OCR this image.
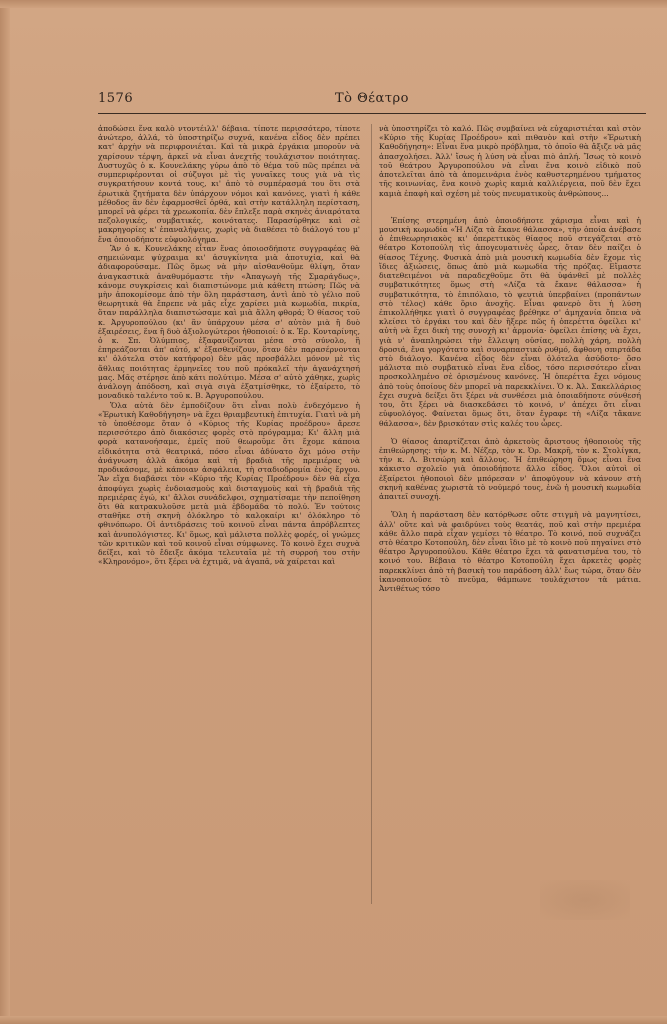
Τὸ Θέατρο
1576

ἀποδώσει ἕνα καλὸ ντοντέιλλ' δέβαια. τίποτε περισσότερο, τίποτε ἀνώτερο, ἀλλά, τὸ ὑποστηρίζω συχνά, κανένα εἶδος δὲν πρέπει κατ' ἀρχὴν νὰ περιφρονιέται. Καὶ τὰ μικρὰ ἐργάκια μποροῦν νὰ χαρίσουν τέρψη, ἀρκεῖ νὰ εἶναι ἀνεχτῆς τουλάχιστον ποιότητας. Δυστυχῶς ὁ κ. Κουνελάκης γύρω ἀπὸ τὸ θέμα τοῦ πῶς πρέπει νὰ συμπεριφέρονται οἱ σύζυγοι μὲ τὶς γυναῖκες τους γιὰ νὰ τὶς συγκρατήσουν κοντά τους, κι' ἀπὸ τὸ συμπέρασμά του ὅτι στὰ ἐρωτικὰ ζητήματα δὲν ὑπάρχουν νόμοι καὶ κανόνες, γιατὶ ἡ κάθε μέθοδος ἂν δὲν ἐφαρμοσθεῖ ὀρθά, καὶ στὴν κατάλληλη περίσταση, μπορεῖ νὰ φέρει τὰ χρεωκοπία. δὲν ἔπλεξε παρὰ σκηνὲς ἀνιαρότατα πεζολογικές, συμβατικές, κοινότατες. Παρασύρθηκε καὶ σὲ μακρηγορίες κ' ἐπαναλήψεις, χωρὶς νὰ διαθέσει τὸ διάλογό του μ' ἕνα ὁποιοδήποτε εὐφυολόγημα.

Ἂν ὁ κ. Κουνελάκης εἶταν ἕνας ὁποιοσδήποτε συγγραφέας θὰ σημειώναμε ψύχραιμα κι' ἀσυγκίνητα μιὰ ἀποτυχία, καὶ θὰ ἀδιαφορούσαμε. Πῶς ὅμως νὰ μὴν αἰσθανθοῦμε θλίψη, ὅταν ἀναγκαστικὰ ἀναθυμόμαστε τὴν «Ἀπαγωγὴ τῆς Σμαράγδως», κάνομε συγκρίσεις καὶ διαπιστώνομε μιὰ κάθετη πτώση; Πῶς νὰ μὴν ἀποκομίσομε ἀπὸ τὴν ὅλη παράσταση, ἀντὶ ἀπὸ τὸ γέλιο ποῦ θεωρητικὰ θὰ ἔπρεπε νὰ μᾶς εἶχε χαρίσει μιὰ κωμωδία, πικρία, ὅταν παράλληλα διαπιστώσαμε καὶ μιὰ ἄλλη φθορά; Ὁ θίασος τοῦ κ. Ἀργυροπούλου (κι' ἂν ὑπάρχουν μέσα σ' αὐτὸν μιὰ ἢ δυὸ ἐξαιρέσεις, ἕνα ἢ δυὸ ἀξιολογώτεροι ἠθοποιοί: ὁ κ. Ἐρ. Κονταρίνης, ὁ κ. Σπ. Ὀλύμπιος, ἐξαφανίζονται μέσα στὸ σύνολο, ἢ ἐπηρεάζονται ἀπ' αὐτό, κ' ἐξασθενίζουν, ὅταν δὲν παρασέρνονται κι' ὁλότελα στὸν κατήφορο) δὲν μᾶς προσβάλλει μόνον μὲ τὶς ἄθλιας ποιότητας ἑρμηνεῖες του ποῦ πρόκαλεῖ τὴν ἀγανάχτησή μας. Μᾶς στέρησε ἀπὸ κάτι πολύτιμο. Μέσα σ' αὐτὸ χάθηκε, χωρὶς ἀνάλογη ἀπόδοση, καὶ σιγὰ σιγὰ ἐξατμίσθηκε, τὸ ἐξαίρετο, τὸ μοναδικὸ ταλέντο τοῦ κ. Β. Ἀργυροπούλου.

Ὅλα αὐτὰ δὲν ἐμποδίζουν ὅτι εἶναι πολὺ ἐνδεχόμενο ἡ «Ἐρωτικὴ Καθοδήγηση» νὰ ἔχει θριαμβευτικὴ ἐπιτυχία. Γιατὶ νὰ μὴ τὸ ὑποθέσομε ὅταν ὁ «Κύριος τῆς Κυρίας προέδρου» ἄρεσε περισσότερο ἀπὸ διακόσιες φορὲς στὸ πρόγραμμα; Κι' ἄλλη μιὰ φορὰ κατανοήσαμε, ἐμεῖς ποῦ θεωροῦμε ὅτι ἔχομε κάποια εἰδικότητα στὰ θεατρικά, πόσο εἶναι ἀδύνατο ὄχι μόνο στὴν ἀνάγνωση ἀλλὰ ἀκόμα καὶ τὴ βραδιὰ τῆς πρεμιέρας νὰ προδικάσομε, μὲ κάποιαν ἀσφάλεια, τὴ σταδιοδρομία ἑνὸς ἔργου. Ἂν εἴχα διαβάσει τὸν «Κύριο τῆς Κυρίας Προέδρου» δὲν θὰ εἶχα ἀποφύγει χωρὶς ἐνδοιασμοὺς καὶ δισταγμοὺς καὶ τὴ βραδιὰ τῆς πρεμιέρας ἐγώ, κι' ἄλλοι συνάδελφοι, σχηματίσαμε τὴν πεποίθηση ὅτι θὰ κατρακυλοῦσε μετὰ μιὰ ἑβδομάδα τὸ πολύ. Ἐν τούτοις σταθῆκε στὴ σκηνὴ ὁλόκληρο τὸ καλοκαίρι κι' ὁλόκληρο τὸ φθινόπωρο. Οἱ ἀντιδράσεις τοῦ κοινοῦ εἶναι πάντα ἀπρόβλεπτες καὶ ἀνυπολόγιστες. Κι' ὅμως, καὶ μάλιστα πολλὲς φορές, οἱ γνώμες τῶν κριτικῶν καὶ τοῦ κοινοῦ εἶναι σύμφωνες. Τὸ κοινὸ ἔχει συχνὰ δείξει, καὶ τὸ ἔδειξε ἀκόμα τελευταῖα μὲ τὴ συρροή του στὴν «Κληρονόμο», ὅτι ξέρει νὰ ἐχτιμᾶ, νὰ ἀγαπᾶ, νὰ χαίρεται καὶ

νὰ ὑποστηρίζει τὸ καλό. Πῶς συμβαίνει νὰ εὐχαριστιέται καὶ στὸν «Κύριο τῆς Κυρίας Προέδρου» καὶ πιθανὸν καὶ στὴν «Ἐρωτικὴ Καθοδήγηση»: Εἶναι ἕνα μικρὸ πρόβλημα, τὸ ὁποῖο θὰ ἄξιζε νὰ μᾶς ἀπασχολήσει. Ἀλλ' ἴσως ἡ λύση νὰ εἶναι πιὸ ἁπλή. Ἴσως τὸ κοινὸ τοῦ θεάτρου Ἀργυροπούλου νὰ εἶναι ἕνα κοινὸ εἰδικὸ ποῦ ἀποτελεῖται ἀπὸ τὰ ἀπομεινάρια ἑνὸς καθυστερημένου τμήματος τῆς κοινωνίας, ἕνα κοινὸ χωρὶς καμιὰ καλλιέργεια, ποῦ δὲν ἔχει καμιὰ ἐπαφὴ καὶ σχέση μὲ τοὺς πνευματικοὺς ἀνθρώπους...

Ἐπίσης στερημένη ἀπὸ ὁποιοδήποτε χάρισμα εἶναι καὶ ἡ μουσικὴ κωμωδία «Ἡ Λίζα τὰ ἔκανε θάλασσα», τὴν ὁποία ἀνέβασε ὁ ἐπιθεωρησιακὸς κι' ὀπερεττικὸς θίασος ποῦ στεγάζεται στὸ θέατρο Κοτοπούλη τὶς ἀπογευματινὲς ὧρες, ὅταν δὲν παίζει ὁ θίασος Τέχνης. Φυσικὰ ἀπὸ μιὰ μουσικὴ κωμωδία δὲν ἔχομε τὶς ἴδιες ἀξιώσεις, ὅπως ἀπὸ μιὰ κωμωδία τῆς πρόζας. Εἴμαστε διατεθειμένοι νὰ παραδεχθοῦμε ὅτι θὰ ὑφάνθεῖ μὲ πολλὲς συμβατικότητες ὅμως στὴ «Λίζα τὰ ἔκανε θάλασσα» ἡ συμβατικότητα, τὸ ἐπιπόλαιο, τὸ ψευτιὰ ὑπερβαίνει (προπάντων στὸ τέλος) κάθε ὅριο ἀνοχῆς. Εἶναι φανερὸ ὅτι ἡ λύση ἐπικολλήθηκε γιατὶ ὁ συγγραφέας βρέθηκε σ' ἀμηχανία ὅπεια νὰ κλείσει τὸ ἐργάκι του καὶ δὲν ἤξερε πῶς ἡ ὀπερέττα ὀφείλει κι' αὐτὴ νὰ ἔχει δικὴ της συνοχὴ κι' ἁρμονία· ὀφείλει ἐπίσης νὰ ἔχει, γιὰ ν' ἀναπληρώσει τὴν ἔλλειψη οὐσίας, πολλὴ χάρη, πολλὴ δροσιά, ἕνα γοργότατο καὶ συναρπαστικὸ ρυθμό, ἄφθονη σπιρτάδα στὸ διάλογο. Κανένα εἶδος δὲν εἶναι ὁλότελα ἀσύδοτο· ὅσο μάλιστα πιὸ συμβατικὸ εἶναι ἕνα εἶδος, τόσο περισσότερο εἶναι προσκολλημένο σὲ ὁρισμένους κανόνες. Ἡ ὀπερέττα ἔχει νόμους ἀπὸ τοὺς ὁποίους δὲν μπορεῖ νὰ παρεκκλίνει. Ὁ κ. Ἀλ. Σακελλάριος ἔχει συχνὰ δείξει ὅτι ξέρει νὰ συνθέσει μιὰ ὁποιαδήποτε σύνθεσή του, ὅτι ξέρει νὰ διασκεδάσει τὸ κοινό, ν' ἀπέχει ὅτι εἶναι εὐφυολόγος. Φαίνεται ὅμως ὅτι, ὅταν ἔγραφε τὴ «Λίζα τἄκανε θάλασσα», δὲν βρισκόταν στὶς καλές του ὧρες.

Ὁ θίασος ἀπαρτίζεται ἀπὸ ἀρκετοὺς ἄριστους ἠθοποιοὺς τῆς ἐπιθεώρησης: τὴν κ. Μ. Νέζερ, τὸν κ. Ὀρ. Μακρῆ, τὸν κ. Στολίγκα, τὴν κ. Λ. Βιτσώρη καὶ ἄλλους. Ἡ ἐπιθεώρηση ὅμως εἶναι ἕνα κάκιστο σχολεῖο γιὰ ὁποιοδήποτε ἄλλο εἶδος. Ὅλοι αὐτοὶ οἱ ἐξαίρετοι ἠθοποιοὶ δὲν μπόρεσαν ν' ἀποφύγουν νὰ κάνουν στὴ σκηνὴ καθένας χωριστὰ τὸ νούμερό τους, ἐνῶ ἡ μουσικὴ κωμωδία ἀπαιτεῖ συνοχή.

Ὅλη ἡ παράσταση δὲν κατόρθωσε οὔτε στιγμὴ νὰ μαγνητίσει, ἀλλ' οὔτε καὶ νὰ φαιδρύνει τοὺς θεατάς, ποῦ καὶ στὴν πρεμιέρα κάθε ἄλλο παρὰ εἶχαν γεμίσει τὸ θέατρο. Τὸ κοινό, ποῦ συχνάζει στὸ θέατρο Κοτοπούλη, δὲν εἶναι ἴδιο μὲ τὸ κοινὸ ποῦ πηγαίνει στὸ θέατρο Ἀργυροπούλου. Κάθε θέατρο ἔχει τὰ φανατισμένα του, τὸ κοινό του. Βέβαια τὸ θέατρο Κοτοπούλη ἔχει ἀρκετὲς φορὲς παρεκκλίνει ἀπὸ τὴ βασικὴ του παράδοση ἀλλ' ἔως τώρα, ὅταν δὲν ἱκανοποιοῦσε τὸ πνεῦμα, θάμπωνε τουλάχιστον τὰ μάτια. Ἀντιθέτως τόσο
